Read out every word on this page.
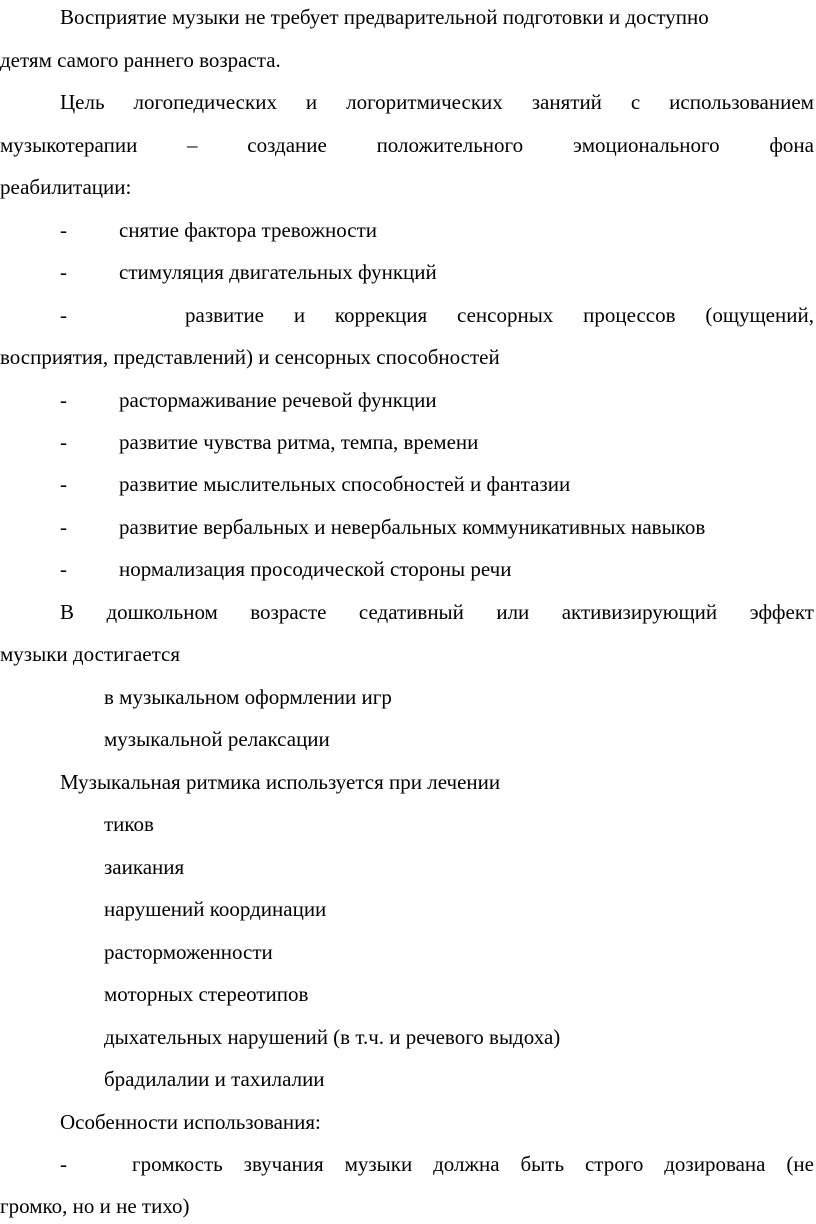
Восприятие музыки не требует предварительной подготовки и доступно
детям самого раннего возраста.
Цель логопедических и логоритмических занятий с использованием
музыкотерапии – создание положительного эмоционального фона
реабилитации:
- снятие фактора тревожности
- стимуляция двигательных функций
-	развитие и коррекция сенсорных процессов (ощущений,
восприятия, представлений) и сенсорных способностей
- растормаживание речевой функции
- развитие чувства ритма, темпа, времени
- развитие мыслительных способностей и фантазии
- развитие вербальных и невербальных коммуникативных навыков
- нормализация просодической стороны речи
В дошкольном возрасте седативный или активизирующий эффект
музыки достигается
в музыкальном оформлении игр
музыкальной релаксации
Музыкальная ритмика используется при лечении
тиков
заикания
нарушений координации
расторможенности
моторных стереотипов
дыхательных нарушений (в т.ч. и речевого выдоха)
брадилалии и тахилалии
Особенности использования:
-	громкость звучания музыки должна быть строго дозирована (не
громко, но и не тихо)
